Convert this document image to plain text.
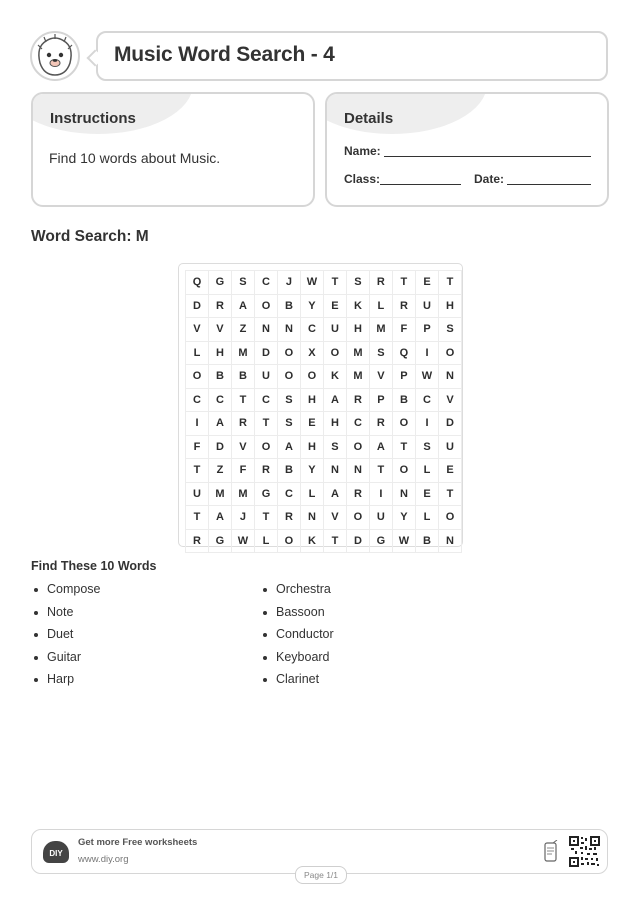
Music Word Search - 4
Instructions
Find 10 words about Music.
Details
Name:
Class:	Date:
Word Search: M
Q	G	S	C	J	W	T	S	R	T	E	T
D	R	A	O	B	Y	E	K	L	R	U	H
V	V	Z	N	N	C	U	H	M	F	P	S
L	H	M	D	O	X	O	M	S	Q	I	O
O	B	B	U	O	O	K	M	V	P	W	N
C	C	T	C	S	H	A	R	P	B	C	V
I	A	R	T	S	E	H	C	R	O	I	D
F	D	V	O	A	H	S	O	A	T	S	U
T	Z	F	R	B	Y	N	N	T	O	L	E
U	M	M	G	C	L	A	R	I	N	E	T
T	A	J	T	R	N	V	O	U	Y	L	O
R	G	W	L	O	K	T	D	G	W	B	N
Find These 10 Words
Compose
Note
Duet
Guitar
Harp
Orchestra
Bassoon
Conductor
Keyboard
Clarinet
DIY
Get more Free worksheets
www.diy.org
Page 1/1
